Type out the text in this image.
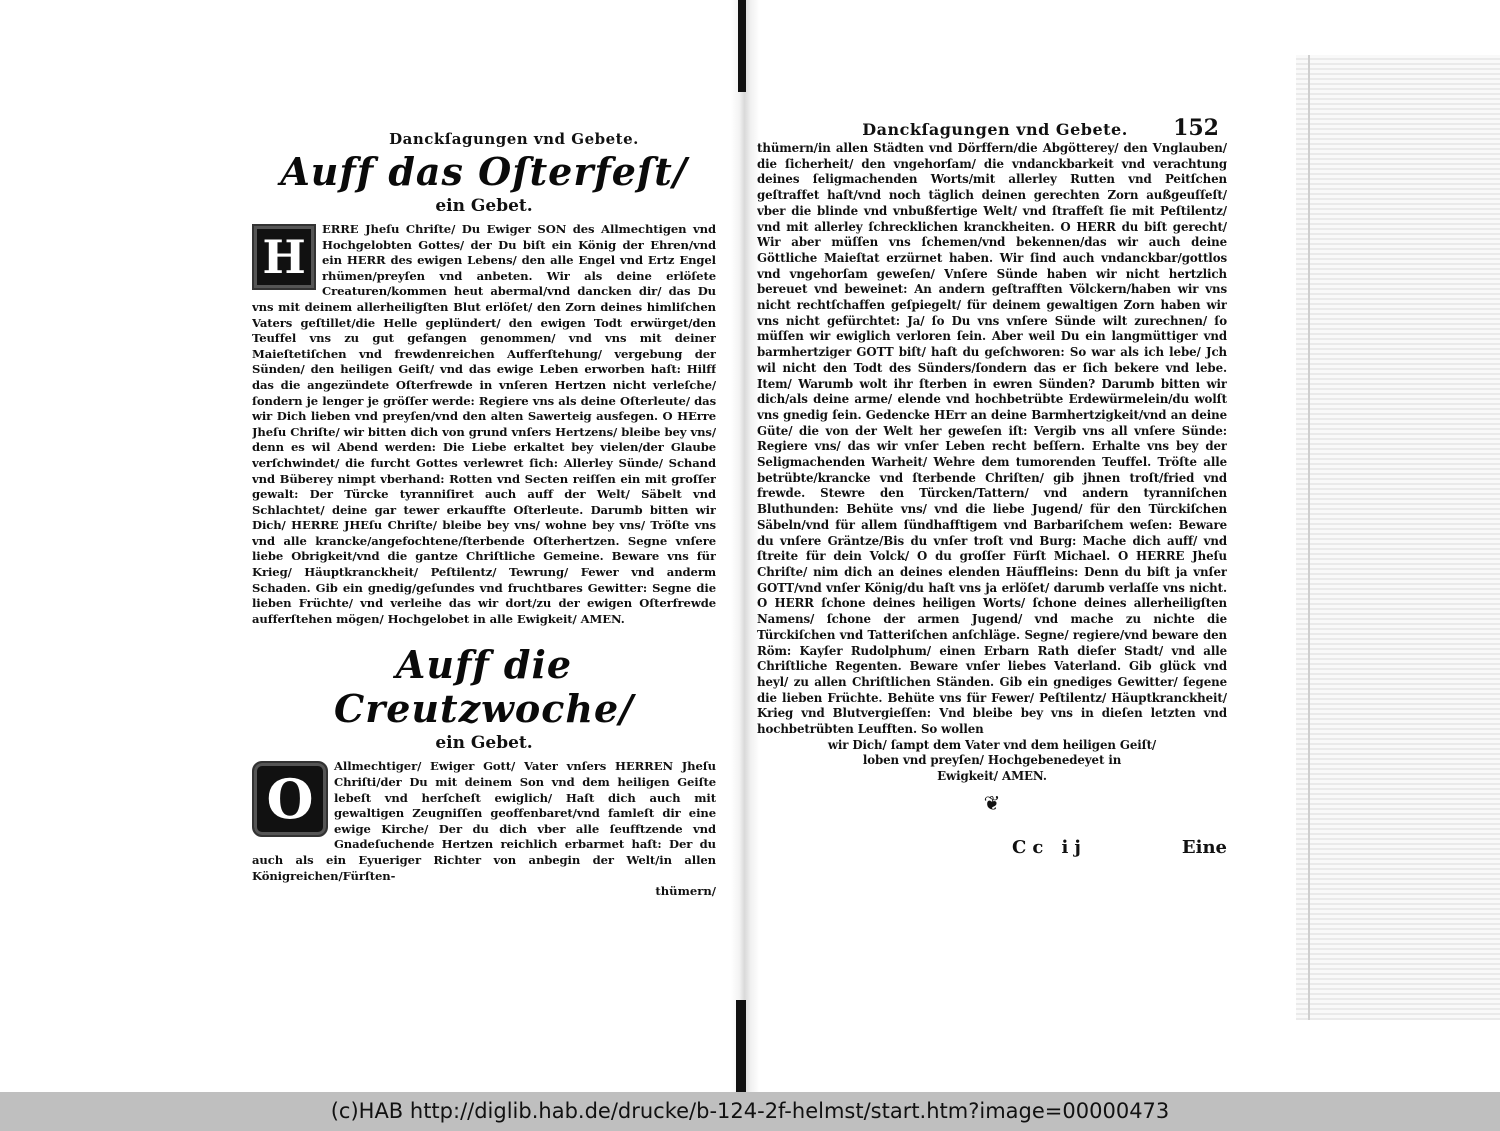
Danckſagungen vnd Gebete.

Auff das Oſterfeſt/
ein Gebet.

H
ERRE Jheſu Chriſte/ Du Ewiger SON des Allmechtigen vnd Hochgelobten Gottes/ der Du biſt ein König der Ehren/vnd ein HERR des ewigen Lebens/ den alle Engel vnd Ertz Engel rhümen/preyſen vnd anbeten. Wir als deine erlöſete Creaturen/kommen heut abermal/vnd dancken dir/ das Du vns mit deinem allerheiligſten Blut erlöſet/ den Zorn deines himliſchen Vaters geſtillet/die Helle geplündert/ den ewigen Todt erwürget/den Teuffel vns zu gut gefangen genommen/ vnd vns mit deiner Maieſtetiſchen vnd frewdenreichen Aufferſtehung/ vergebung der Sünden/ den heiligen Geiſt/ vnd das ewige Leben erworben haſt: Hilff das die angezündete Oſterfrewde in vnſeren Hertzen nicht verleſche/ ſondern je lenger je gröſſer werde: Regiere vns als deine Oſterleute/ das wir Dich lieben vnd preyſen/vnd den alten Sawerteig ausfegen. O HErre Jheſu Chriſte/ wir bitten dich von grund vnſers Hertzens/ bleibe bey vns/ denn es wil Abend werden: Die Liebe erkaltet bey vielen/der Glaube verſchwindet/ die furcht Gottes verlewret ſich: Allerley Sünde/ Schand vnd Büberey nimpt vberhand: Rotten vnd Secten reiſſen ein mit groſſer gewalt: Der Türcke tyranniſiret auch auff der Welt/ Säbelt vnd Schlachtet/ deine gar tewer erkauffte Oſterleute. Darumb bitten wir Dich/ HERRE JHEſu Chriſte/ bleibe bey vns/ wohne bey vns/ Tröſte vns vnd alle krancke/angefochtene/ſterbende Oſterhertzen. Segne vnſere liebe Obrigkeit/vnd die gantze Chriſtliche Gemeine. Beware vns für Krieg/ Häuptkranckheit/ Peſtilentz/ Tewrung/ Fewer vnd anderm Schaden. Gib ein gnedig/geſundes vnd fruchtbares Gewitter: Segne die lieben Früchte/ vnd verleihe das wir dort/zu der ewigen Oſterfrewde aufferſtehen mögen/ Hochgelobet in alle Ewigkeit/ AMEN.

Auff die Creutzwoche/
ein Gebet.

O
Allmechtiger/ Ewiger Gott/ Vater vnſers HERREN Jheſu Chriſti/der Du mit deinem Son vnd dem heiligen Geiſte lebeſt vnd herſcheſt ewiglich/ Haſt dich auch mit gewaltigen Zeugniſſen geoffenbaret/vnd famleſt dir eine ewige Kirche/ Der du dich vber alle ſeufftzende vnd Gnadeſuchende Hertzen reichlich erbarmet haſt: Der du auch als ein Eyueriger Richter von anbegin der Welt/in allen Königreichen/Fürſten-

thümern/

Danckſagungen vnd Gebete.	152

thümern/in allen Städten vnd Dörffern/die Abgötterey/ den Vnglauben/ die ſicherheit/ den vngehorſam/ die vndanckbarkeit vnd verachtung deines ſeligmachenden Worts/mit allerley Rutten vnd Peitſchen geſtraffet haſt/vnd noch täglich deinen gerechten Zorn außgeuſſeſt/ vber die blinde vnd vnbußfertige Welt/ vnd ſtraffeſt ſie mit Peſtilentz/ vnd mit allerley ſchrecklichen kranckheiten. O HERR du biſt gerecht/ Wir aber müſſen vns ſchemen/vnd bekennen/das wir auch deine Göttliche Maieſtat erzürnet haben. Wir ſind auch vndanckbar/gottlos vnd vngehorſam geweſen/ Vnſere Sünde haben wir nicht hertzlich bereuet vnd beweinet: An andern geſtrafften Völckern/haben wir vns nicht rechtſchaffen geſpiegelt/ für deinem gewaltigen Zorn haben wir vns nicht gefürchtet: Ja/ ſo Du vns vnſere Sünde wilt zurechnen/ ſo müſſen wir ewiglich verloren ſein. Aber weil Du ein langmüttiger vnd barmhertziger GOTT biſt/ haſt du geſchworen: So war als ich lebe/ Jch wil nicht den Todt des Sünders/ſondern das er ſich bekere vnd lebe. Item/ Warumb wolt ihr ſterben in ewren Sünden? Darumb bitten wir dich/als deine arme/ elende vnd hochbetrübte Erdewürmelein/du wolſt vns gnedig ſein. Gedencke HErr an deine Barmhertzigkeit/vnd an deine Güte/ die von der Welt her geweſen iſt: Vergib vns all vnſere Sünde: Regiere vns/ das wir vnſer Leben recht beſſern. Erhalte vns bey der Seligmachenden Warheit/ Wehre dem tumorenden Teuffel. Tröſte alle betrübte/krancke vnd ſterbende Chriſten/ gib jhnen troſt/fried vnd frewde. Stewre den Türcken/Tattern/ vnd andern tyranniſchen Bluthunden: Behüte vns/ vnd die liebe Jugend/ für den Türckiſchen Säbeln/vnd für allem ſündhafftigem vnd Barbariſchem weſen: Beware du vnſere Gräntze/Bis du vnſer troſt vnd Burg: Mache dich auff/ vnd ſtreite für dein Volck/ O du groſſer Fürſt Michael. O HERRE Jheſu Chriſte/ nim dich an deines elenden Häuffleins: Denn du biſt ja vnſer GOTT/vnd vnſer König/du haſt vns ja erlöſet/ darumb verlaſſe vns nicht. O HERR ſchone deines heiligen Worts/ ſchone deines allerheiligſten Namens/ ſchone der armen Jugend/ vnd mache zu nichte die Türckiſchen vnd Tatteriſchen anſchläge. Segne/ regiere/vnd beware den Röm: Kayſer Rudolphum/ einen Erbarn Rath dieſer Stadt/ vnd alle Chriſtliche Regenten. Beware vnſer liebes Vaterland. Gib glück vnd heyl/ zu allen Chriſtlichen Ständen. Gib ein gnediges Gewitter/ ſegene die lieben Früchte. Behüte vns für Fewer/ Peſtilentz/ Häuptkranckheit/ Krieg vnd Blutvergieſſen: Vnd bleibe bey vns in dieſen letzten vnd hochbetrübten Leufften. So wollen

wir Dich/ ſampt dem Vater vnd dem heiligen Geiſt/

loben vnd preyſen/ Hochgebenedeyet in

Ewigkeit/ AMEN.

❦
Cc ij	Eine
(c)HAB http://diglib.hab.de/drucke/b-124-2f-helmst/start.htm?image=00000473
